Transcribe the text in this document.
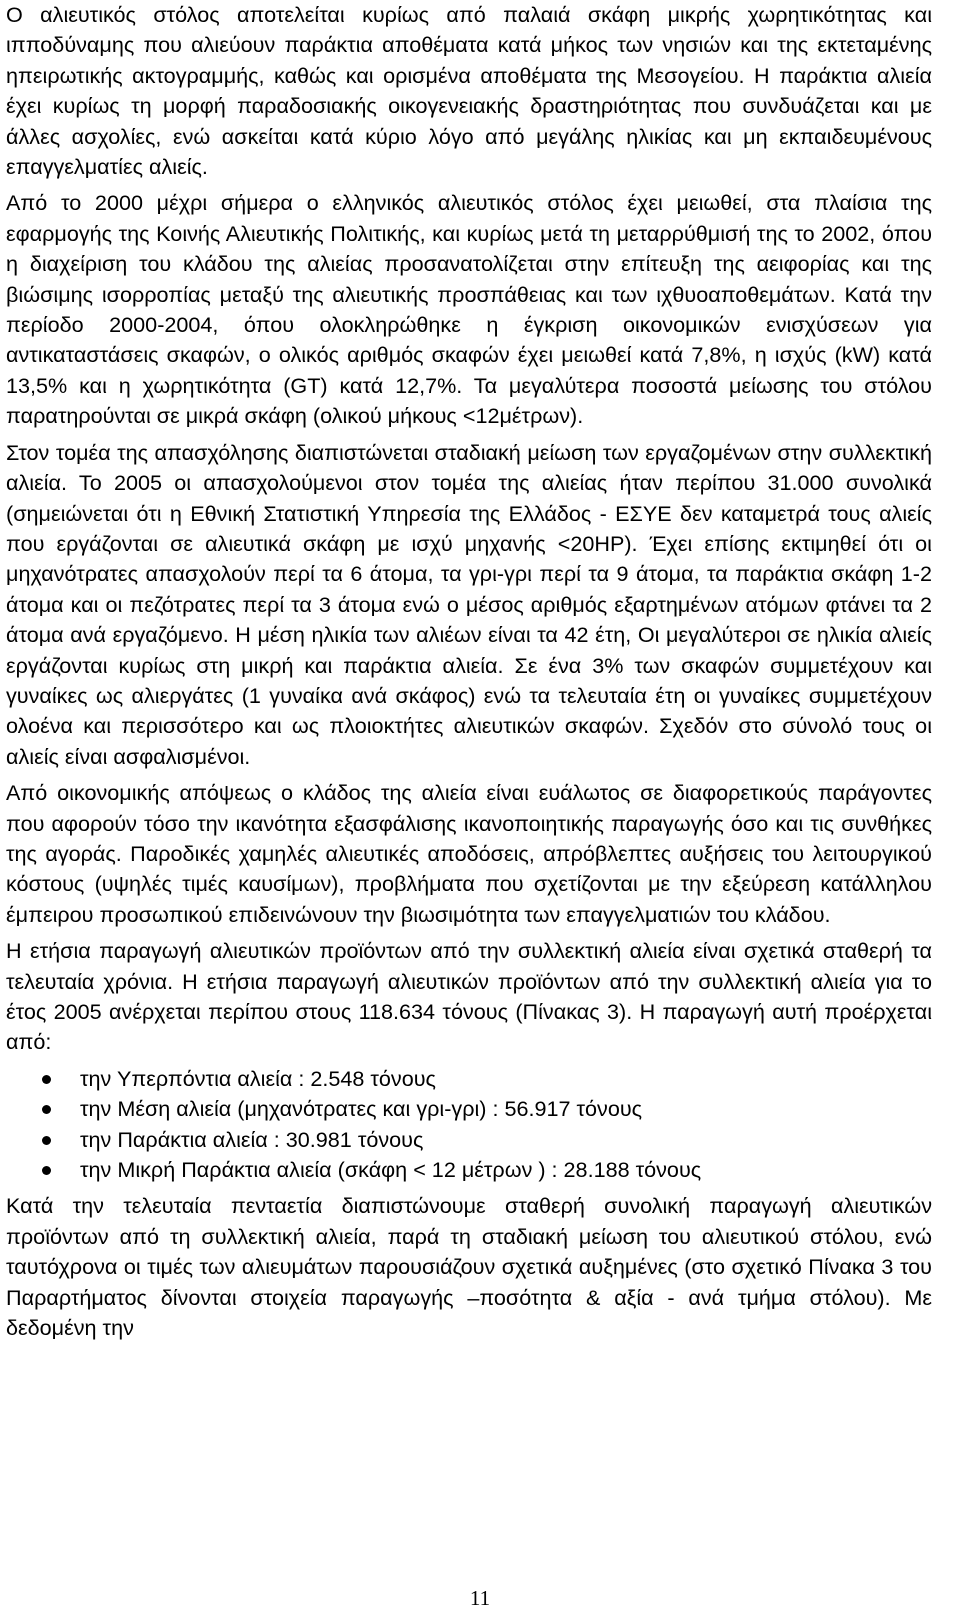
Ο αλιευτικός στόλος αποτελείται κυρίως από παλαιά σκάφη μικρής χωρητικότητας και ιπποδύναμης που αλιεύουν παράκτια αποθέματα κατά μήκος των νησιών και της εκτεταμένης ηπειρωτικής ακτογραμμής, καθώς και ορισμένα αποθέματα της Μεσογείου. Η παράκτια αλιεία έχει κυρίως τη μορφή παραδοσιακής οικογενειακής δραστηριότητας που συνδυάζεται και με άλλες ασχολίες, ενώ ασκείται κατά κύριο λόγο από μεγάλης ηλικίας και μη εκπαιδευμένους επαγγελματίες αλιείς.

Από το 2000 μέχρι σήμερα ο ελληνικός αλιευτικός στόλος έχει μειωθεί, στα πλαίσια της εφαρμογής της Κοινής Αλιευτικής Πολιτικής, και κυρίως μετά τη μεταρρύθμισή της το 2002, όπου η διαχείριση του κλάδου της αλιείας προσανατολίζεται στην επίτευξη της αειφορίας και της βιώσιμης ισορροπίας μεταξύ της αλιευτικής προσπάθειας και των ιχθυοαποθεμάτων. Κατά την περίοδο 2000-2004, όπου ολοκληρώθηκε η έγκριση οικονομικών ενισχύσεων για αντικαταστάσεις σκαφών, ο ολικός αριθμός σκαφών έχει μειωθεί κατά 7,8%, η ισχύς (kW) κατά 13,5% και η χωρητικότητα (GT) κατά 12,7%. Τα μεγαλύτερα ποσοστά μείωσης του στόλου παρατηρούνται σε μικρά σκάφη (ολικού μήκους <12μέτρων).

Στον τομέα της απασχόλησης διαπιστώνεται σταδιακή μείωση των εργαζομένων στην συλλεκτική αλιεία. Το 2005 οι απασχολούμενοι στον τομέα της αλιείας ήταν περίπου 31.000 συνολικά (σημειώνεται ότι η Εθνική Στατιστική Υπηρεσία της Ελλάδος - ΕΣΥΕ δεν καταμετρά τους αλιείς που εργάζονται σε αλιευτικά σκάφη με ισχύ μηχανής <20HP). Έχει επίσης εκτιμηθεί ότι οι μηχανότρατες απασχολούν περί τα 6 άτομα, τα γρι-γρι περί τα 9 άτομα, τα παράκτια σκάφη 1-2 άτομα και οι πεζότρατες περί τα 3 άτομα ενώ ο μέσος αριθμός εξαρτημένων ατόμων φτάνει τα 2 άτομα ανά εργαζόμενο. Η μέση ηλικία των αλιέων είναι τα 42 έτη, Οι μεγαλύτεροι σε ηλικία αλιείς εργάζονται κυρίως στη μικρή και παράκτια αλιεία. Σε ένα 3% των σκαφών συμμετέχουν και γυναίκες ως αλιεργάτες (1 γυναίκα ανά σκάφος) ενώ τα τελευταία έτη οι γυναίκες συμμετέχουν ολοένα και περισσότερο και ως πλοιοκτήτες αλιευτικών σκαφών. Σχεδόν στο σύνολό τους οι αλιείς είναι ασφαλισμένοι.

Από οικονομικής απόψεως ο κλάδος της αλιεία είναι ευάλωτος σε διαφορετικούς παράγοντες που αφορούν τόσο την ικανότητα εξασφάλισης ικανοποιητικής παραγωγής όσο και τις συνθήκες της αγοράς. Παροδικές χαμηλές αλιευτικές αποδόσεις, απρόβλεπτες αυξήσεις του λειτουργικού κόστους (υψηλές τιμές καυσίμων), προβλήματα που σχετίζονται με την εξεύρεση κατάλληλου έμπειρου προσωπικού επιδεινώνουν την βιωσιμότητα των επαγγελματιών του κλάδου.

Η ετήσια παραγωγή αλιευτικών προϊόντων από την συλλεκτική αλιεία είναι σχετικά σταθερή τα τελευταία χρόνια. Η ετήσια παραγωγή αλιευτικών προϊόντων από την συλλεκτική αλιεία για το έτος 2005 ανέρχεται περίπου στους 118.634 τόνους (Πίνακας 3). Η παραγωγή αυτή προέρχεται από:

την Υπερπόντια αλιεία : 2.548 τόνους
την Μέση αλιεία (μηχανότρατες και γρι-γρι) : 56.917 τόνους
την Παράκτια αλιεία : 30.981 τόνους
την Μικρή Παράκτια αλιεία (σκάφη < 12 μέτρων ) : 28.188 τόνους

Κατά την τελευταία πενταετία διαπιστώνουμε σταθερή συνολική παραγωγή αλιευτικών προϊόντων από τη συλλεκτική αλιεία, παρά τη σταδιακή μείωση του αλιευτικού στόλου, ενώ ταυτόχρονα οι τιμές των αλιευμάτων παρουσιάζουν σχετικά αυξημένες (στο σχετικό Πίνακα 3 του Παραρτήματος δίνονται στοιχεία παραγωγής –ποσότητα & αξία - ανά τμήμα στόλου). Με δεδομένη την

11
